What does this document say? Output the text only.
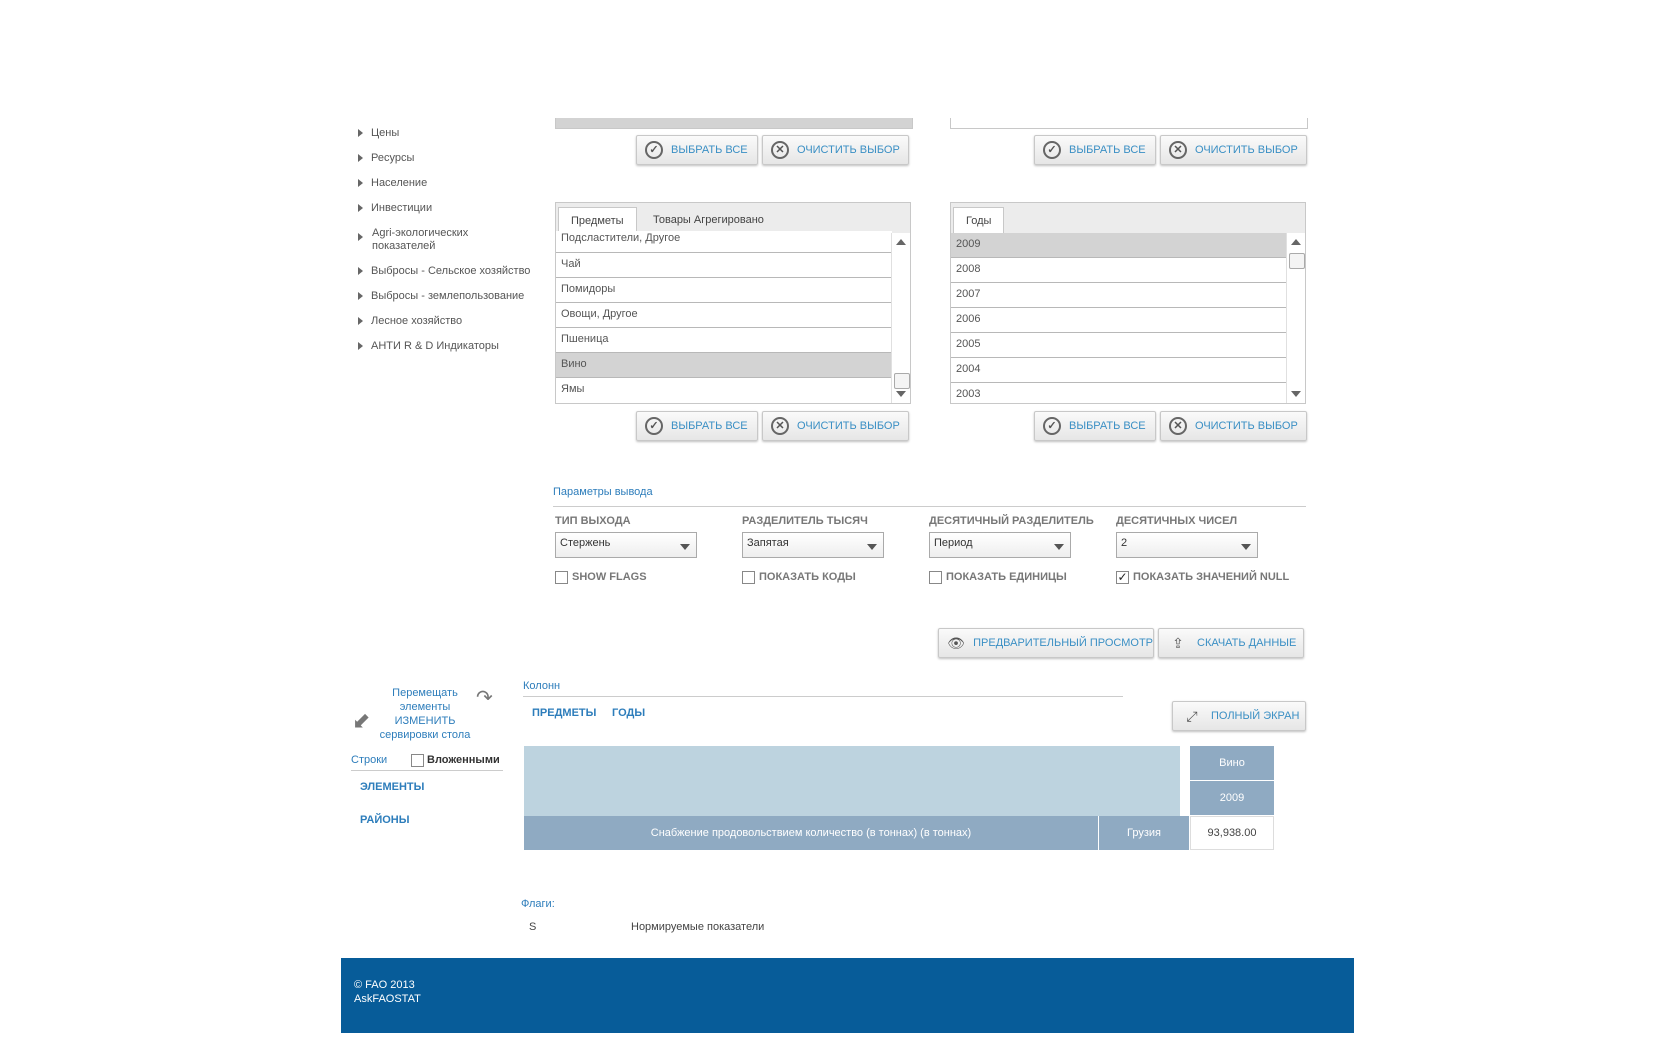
Цены
Ресурсы
Население
Инвестиции
Agri-экологических показателей
Выбросы - Сельское хозяйство
Выбросы - землепользование
Лесное хозяйство
АНТИ R & D Индикаторы
✓	ВЫБРАТЬ ВСЕ	✕	ОЧИСТИТЬ ВЫБОР	✓	ВЫБРАТЬ ВСЕ	✕	ОЧИСТИТЬ ВЫБОР
Предметы	Товары Агрегировано
Подсластители, Другое
Чай
Помидоры
Овощи, Другое
Пшеница
Вино
Ямы
Годы
2009
2008
2007
2006
2005
2004
2003
✓	ВЫБРАТЬ ВСЕ	✕	ОЧИСТИТЬ ВЫБОР	✓	ВЫБРАТЬ ВСЕ	✕	ОЧИСТИТЬ ВЫБОР
Параметры вывода
ТИП ВЫХОДА
Стержень
РАЗДЕЛИТЕЛЬ ТЫСЯЧ
Запятая
ДЕСЯТИЧНЫЙ РАЗДЕЛИТЕЛЬ
Период
ДЕСЯТИЧНЫХ ЧИСЕЛ
2
SHOW FLAGS	ПОКАЗАТЬ КОДЫ	ПОКАЗАТЬ ЕДИНИЦЫ	✓ ПОКАЗАТЬ ЗНАЧЕНИЙ NULL
👁 ПРЕДВАРИТЕЛЬНЫЙ ПРОСМОТР	⇪	СКАЧАТЬ ДАННЫЕ
⬋
Перемещать элементы ИЗМЕНИТЬ сервировки стола
↷
Колонн
ПРЕДМЕТЫ ГОДЫ	⤢	ПОЛНЫЙ ЭКРАН
Строки	Вложенными
ЭЛЕМЕНТЫ
РАЙОНЫ
Вино
2009
Снабжение продовольствием количество (в тоннах) (в тоннах)	Грузия	93,938.00
Флаги:
S	Нормируемые показатели
© FAO 2013
AskFAOSTAT
